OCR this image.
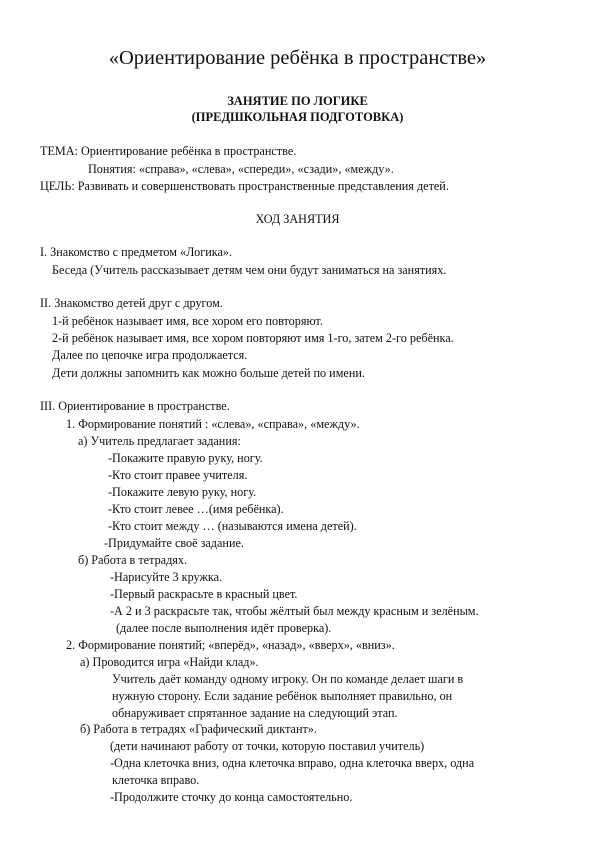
«Ориентирование ребёнка в пространстве»
ЗАНЯТИЕ ПО ЛОГИКЕ
(ПРЕДШКОЛЬНАЯ ПОДГОТОВКА)
ТЕМА: Ориентирование ребёнка в пространстве.
Понятия: «справа», «слева», «спереди», «сзади», «между».
ЦЕЛЬ: Развивать и совершенствовать пространственные представления детей.
ХОД ЗАНЯТИЯ
I. Знакомство с предметом «Логика».
Беседа (Учитель рассказывает детям чем они будут заниматься на занятиях.
II. Знакомство детей друг с другом.
1-й ребёнок называет имя, все хором его повторяют.
2-й ребёнок называет имя, все хором повторяют имя 1-го, затем 2-го ребёнка.
Далее по цепочке игра продолжается.
Дети должны запомнить как можно больше детей по имени.
III. Ориентирование в пространстве.
1. Формирование понятий : «слева», «справа», «между».
а) Учитель предлагает задания:
-Покажите правую руку, ногу.
-Кто стоит правее учителя.
-Покажите левую руку, ногу.
-Кто стоит левее …(имя ребёнка).
-Кто стоит между … (называются имена детей).
-Придумайте своё задание.
б) Работа в тетрадях.
-Нарисуйте 3 кружка.
-Первый раскрасьте в красный цвет.
-А 2 и 3 раскрасьте так, чтобы жёлтый был между красным и зелёным.
(далее после выполнения идёт проверка).
2. Формирование понятий; «вперёд», «назад», «вверх», «вниз».
а) Проводится игра «Найди клад».
Учитель даёт команду одному игроку. Он по команде делает шаги в
нужную сторону. Если задание ребёнок выполняет правильно, он
обнаруживает спрятанное задание на следующий этап.
б) Работа в тетрадях «Графический диктант».
(дети начинают работу от точки, которую поставил учитель)
-Одна клеточка вниз, одна клеточка вправо, одна клеточка вверх, одна
клеточка вправо.
-Продолжите сточку до конца самостоятельно.
